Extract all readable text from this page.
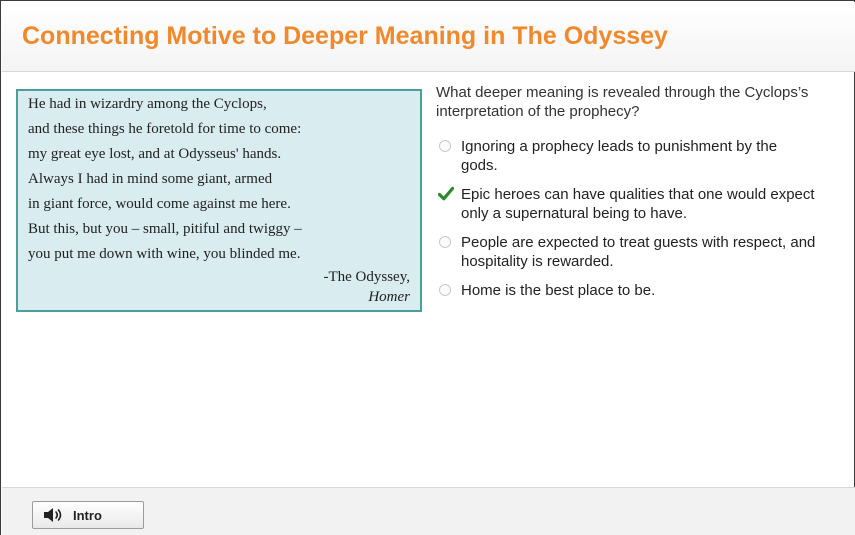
Connecting Motive to Deeper Meaning in The Odyssey
He had in wizardry among the Cyclops,
and these things he foretold for time to come:
my great eye lost, and at Odysseus' hands.
Always I had in mind some giant, armed
in giant force, would come against me here.
But this, but you – small, pitiful and twiggy –
you put me down with wine, you blinded me.
-The Odyssey,
Homer
What deeper meaning is revealed through the Cyclops’s interpretation of the prophecy?
Ignoring a prophecy leads to punishment by the gods.
Epic heroes can have qualities that one would expect only a supernatural being to have.
People are expected to treat guests with respect, and hospitality is rewarded.
Home is the best place to be.
Intro
